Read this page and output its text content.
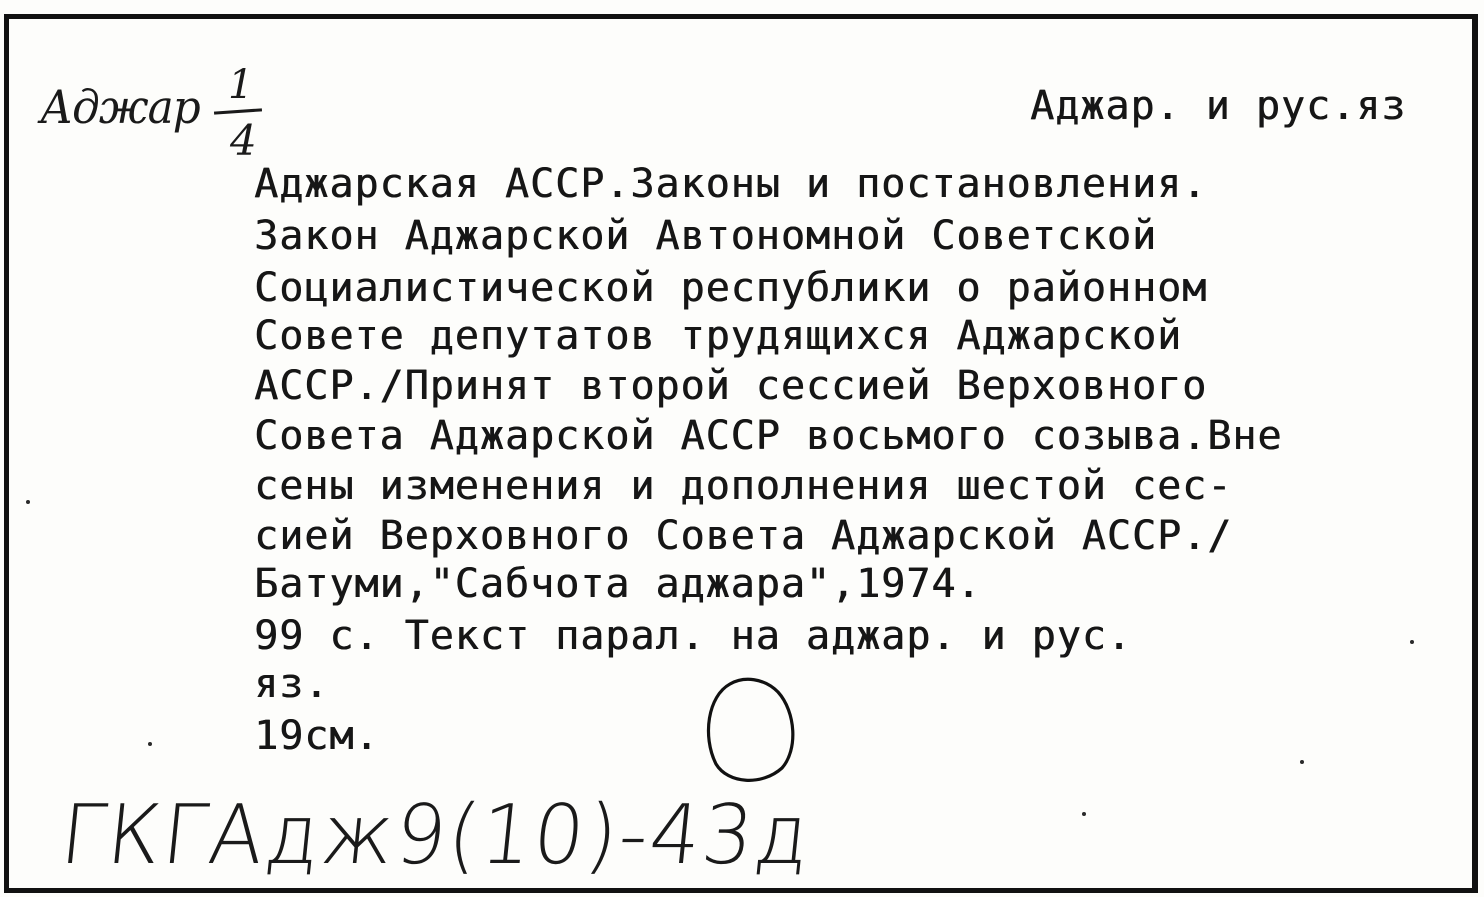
Аджар 1
4
Аджар. и рус.яз
Аджарская АССР.Законы и постановления.
Закон Аджарской Автономной Советской
Социалистической республики о районном
Совете депутатов трудящихся Аджарской
АССР./Принят второй сессией Верховного
Совета Аджарской АССР восьмого созыва.Вне
сены изменения и дополнения шестой сес-
сией Верховного Совета Аджарской АССР./
Батуми,"Сабчота аджара",1974.
99 с. Текст парал. на аджар. и рус.
яз.
19см.
ГКГАдж9(10)-43д
